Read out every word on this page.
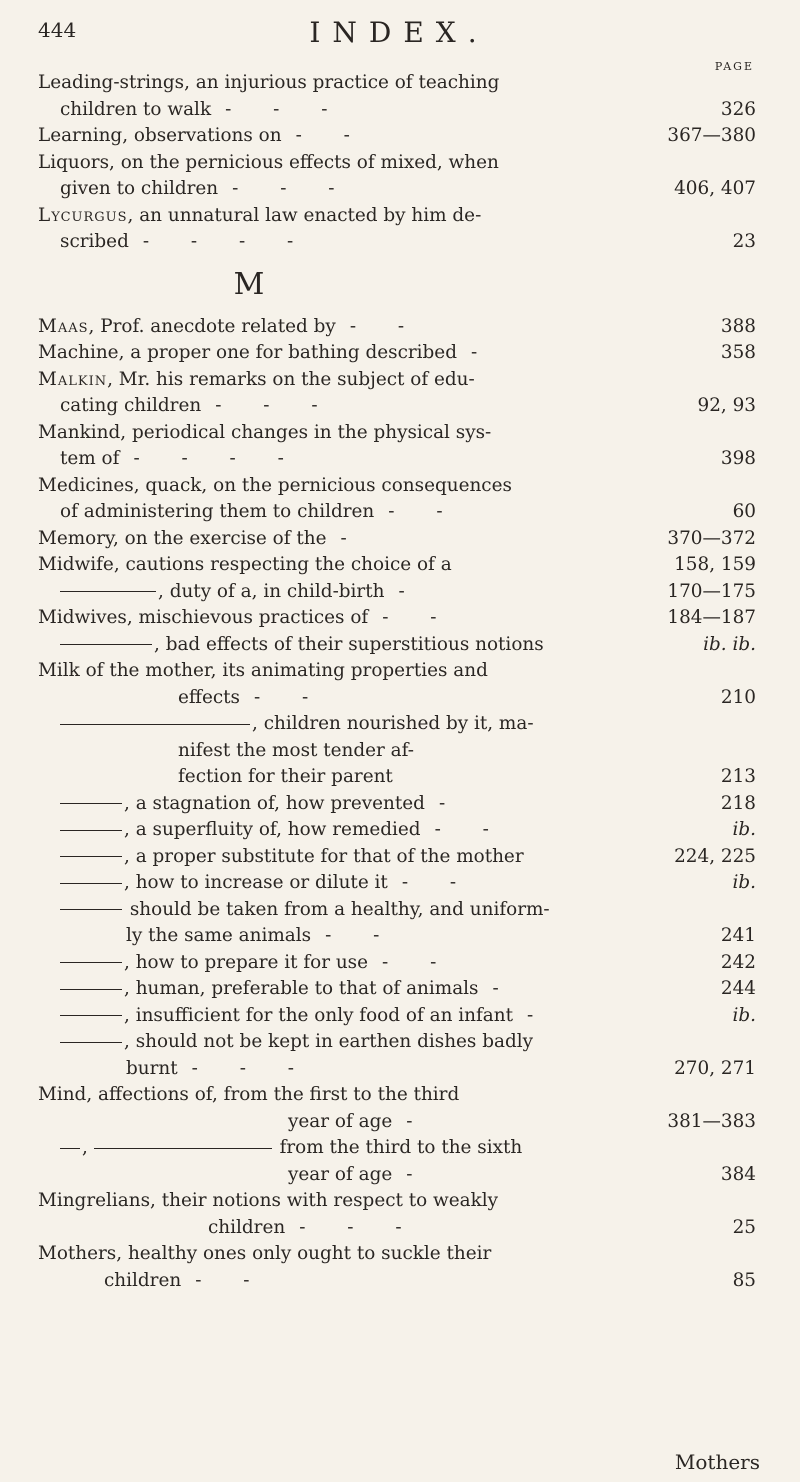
444	INDEX.
PAGE
Leading-strings, an injurious practice of teaching
children to walk - - -	326
Learning, observations on - -	367—380
Liquors, on the pernicious effects of mixed, when
given to children - - -	406, 407
Lycurgus, an unnatural law enacted by him de-
scribed - - - -	23
M
Maas, Prof. anecdote related by - -	388
Machine, a proper one for bathing described -	358
Malkin, Mr. his remarks on the subject of edu-
cating children - - -	92, 93
Mankind, periodical changes in the physical sys-
tem of - - - -	398
Medicines, quack, on the pernicious consequences
of administering them to children - -	60
Memory, on the exercise of the -	370—372
Midwife, cautions respecting the choice of a	158, 159
, duty of a, in child-birth -	170—175
Midwives, mischievous practices of - -	184—187
, bad effects of their superstitious notions	ib. ib.
Milk of the mother, its animating properties and
effects - -	210
, children nourished by it, ma-
nifest the most tender af-
fection for their parent	213
, a stagnation of, how prevented -	218
, a superfluity of, how remedied - -	ib.
, a proper substitute for that of the mother	224, 225
, how to increase or dilute it - -	ib.
should be taken from a healthy, and uniform-
ly the same animals - -	241
, how to prepare it for use - -	242
, human, preferable to that of animals -	244
, insufficient for the only food of an infant -	ib.
, should not be kept in earthen dishes badly
burnt - - -	270, 271
Mind, affections of, from the first to the third
year of age -	381—383
,	from the third to the sixth
year of age -	384
Mingrelians, their notions with respect to weakly
children - - -	25
Mothers, healthy ones only ought to suckle their
children - -	85
Mothers
